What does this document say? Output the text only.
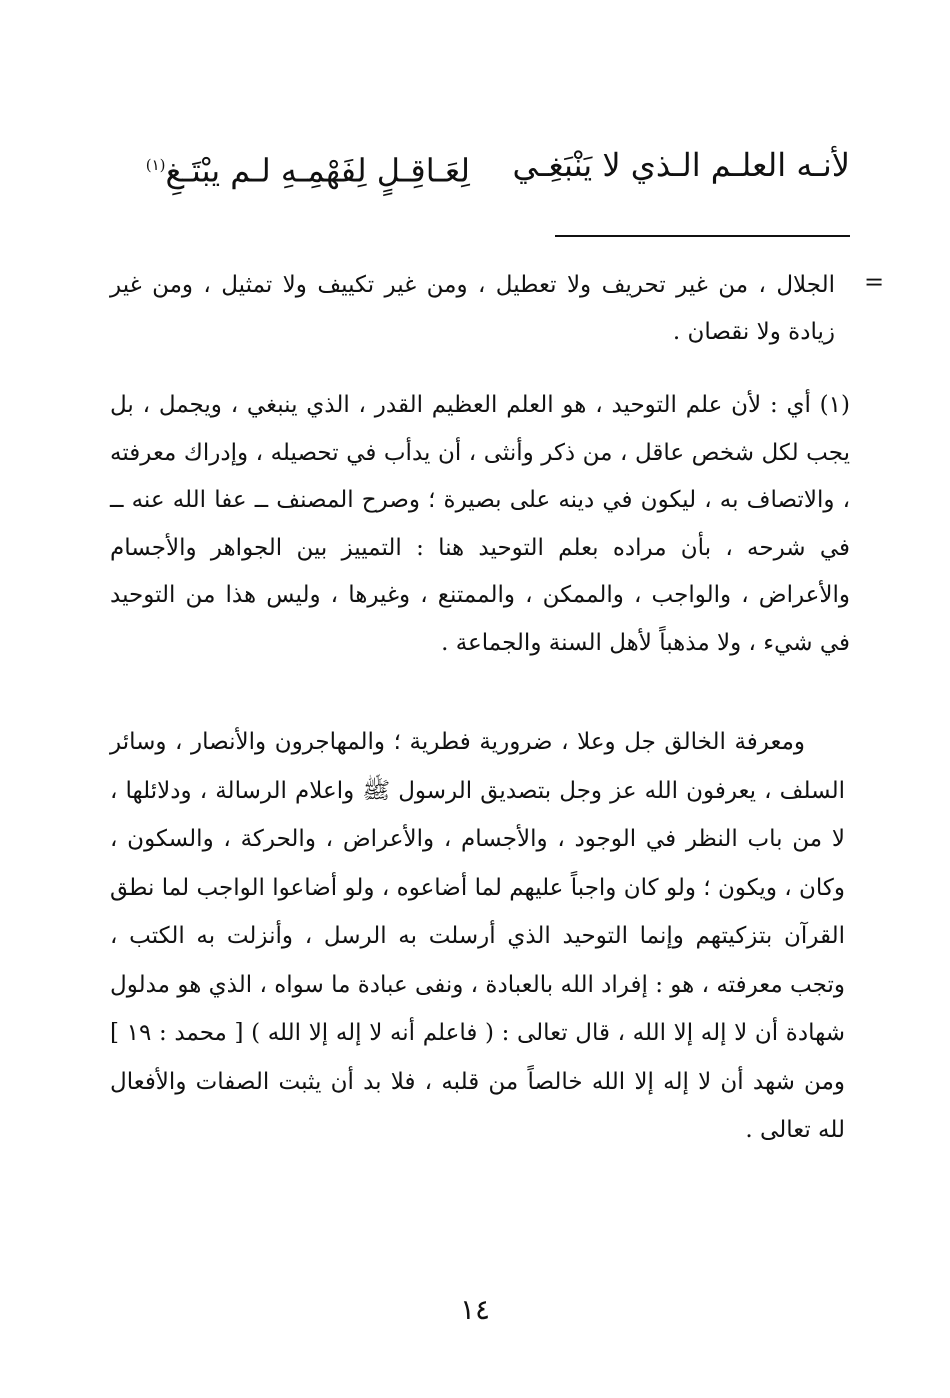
لأنـه العلـم الـذي لا يَنْبَغِـي
لِعَـاقِـلٍ لِفَهْمِـهِ لـم يبْتَـغِ$^{(١)}$
=
الجلال ، من غير تحريف ولا تعطيل ، ومن غير تكييف ولا تمثيل ، ومن غير زيادة ولا نقصان .
(١) أي : لأن علم التوحيد ، هو العلم العظيم القدر ، الذي ينبغي ، ويجمل ، بل يجب لكل شخص عاقل ، من ذكر وأنثى ، أن يدأب في تحصيله ، وإدراك معرفته ، والاتصاف به ، ليكون في دينه على بصيرة ؛ وصرح المصنف ــ عفا الله عنه ــ في شرحه ، بأن مراده بعلم التوحيد هنا : التمييز بين الجواهر والأجسام والأعراض ، والواجب ، والممكن ، والممتنع ، وغيرها ، وليس هذا من التوحيد في شيء ، ولا مذهباً لأهل السنة والجماعة .
ومعرفة الخالق جل وعلا ، ضرورية فطرية ؛ والمهاجرون والأنصار ، وسائر السلف ، يعرفون الله عز وجل بتصديق الرسول ﷺ واعلام الرسالة ، ودلائلها ، لا من باب النظر في الوجود ، والأجسام ، والأعراض ، والحركة ، والسكون ، وكان ، ويكون ؛ ولو كان واجباً عليهم لما أضاعوه ، ولو أضاعوا الواجب لما نطق القرآن بتزكيتهم وإنما التوحيد الذي أرسلت به الرسل ، وأنزلت به الكتب ، وتجب معرفته ، هو : إفراد الله بالعبادة ، ونفى عبادة ما سواه ، الذي هو مدلول شهادة أن لا إله إلا الله ، قال تعالى : ( فاعلم أنه لا إله إلا الله ) [ محمد : ١٩ ] ومن شهد أن لا إله إلا الله خالصاً من قلبه ، فلا بد أن يثبت الصفات والأفعال لله تعالى .
١٤
